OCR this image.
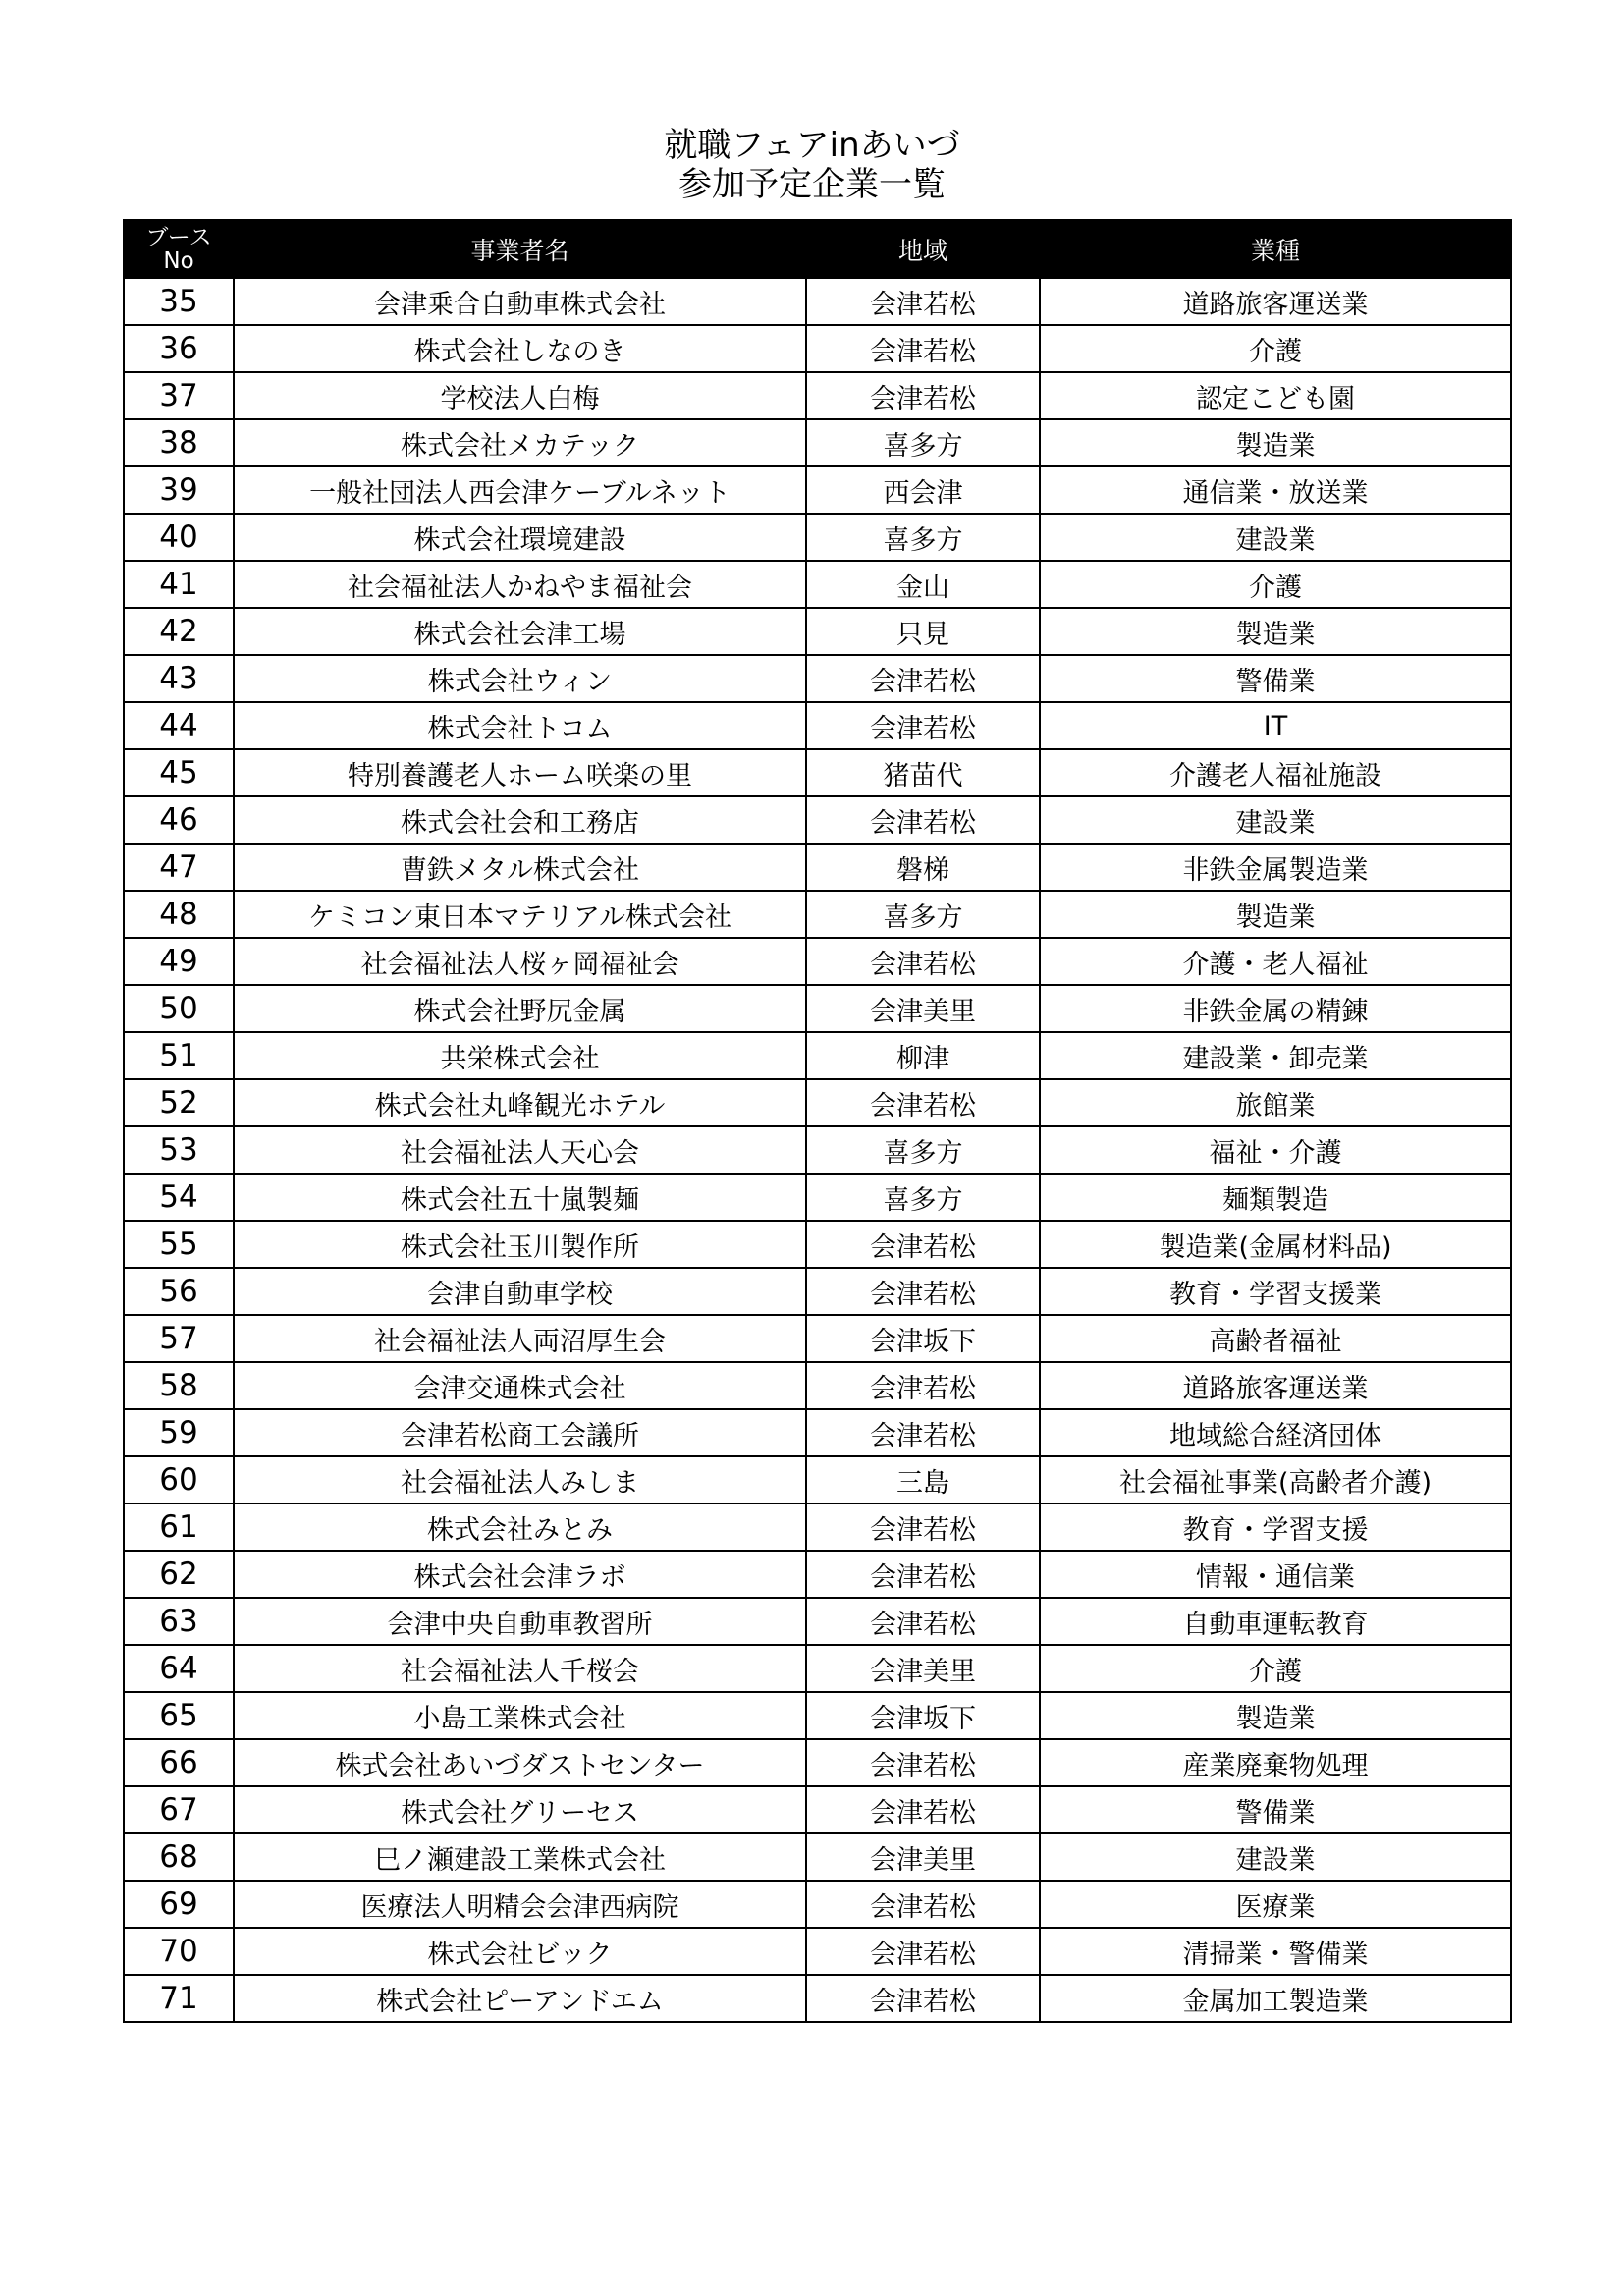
就職フェアinあいづ
参加予定企業一覧
ブース
No	事業者名	地域	業種
35	会津乗合自動車株式会社	会津若松	道路旅客運送業
36	株式会社しなのき	会津若松	介護
37	学校法人白梅	会津若松	認定こども園
38	株式会社メカテック	喜多方	製造業
39	一般社団法人西会津ケーブルネット	西会津	通信業・放送業
40	株式会社環境建設	喜多方	建設業
41	社会福祉法人かねやま福祉会	金山	介護
42	株式会社会津工場	只見	製造業
43	株式会社ウィン	会津若松	警備業
44	株式会社トコム	会津若松	IT
45	特別養護老人ホーム咲楽の里	猪苗代	介護老人福祉施設
46	株式会社会和工務店	会津若松	建設業
47	曹鉄メタル株式会社	磐梯	非鉄金属製造業
48	ケミコン東日本マテリアル株式会社	喜多方	製造業
49	社会福祉法人桜ヶ岡福祉会	会津若松	介護・老人福祉
50	株式会社野尻金属	会津美里	非鉄金属の精錬
51	共栄株式会社	柳津	建設業・卸売業
52	株式会社丸峰観光ホテル	会津若松	旅館業
53	社会福祉法人天心会	喜多方	福祉・介護
54	株式会社五十嵐製麺	喜多方	麺類製造
55	株式会社玉川製作所	会津若松	製造業(金属材料品)
56	会津自動車学校	会津若松	教育・学習支援業
57	社会福祉法人両沼厚生会	会津坂下	高齢者福祉
58	会津交通株式会社	会津若松	道路旅客運送業
59	会津若松商工会議所	会津若松	地域総合経済団体
60	社会福祉法人みしま	三島	社会福祉事業(高齢者介護)
61	株式会社みとみ	会津若松	教育・学習支援
62	株式会社会津ラボ	会津若松	情報・通信業
63	会津中央自動車教習所	会津若松	自動車運転教育
64	社会福祉法人千桜会	会津美里	介護
65	小島工業株式会社	会津坂下	製造業
66	株式会社あいづダストセンター	会津若松	産業廃棄物処理
67	株式会社グリーセス	会津若松	警備業
68	巳ノ瀬建設工業株式会社	会津美里	建設業
69	医療法人明精会会津西病院	会津若松	医療業
70	株式会社ビック	会津若松	清掃業・警備業
71	株式会社ピーアンドエム	会津若松	金属加工製造業
